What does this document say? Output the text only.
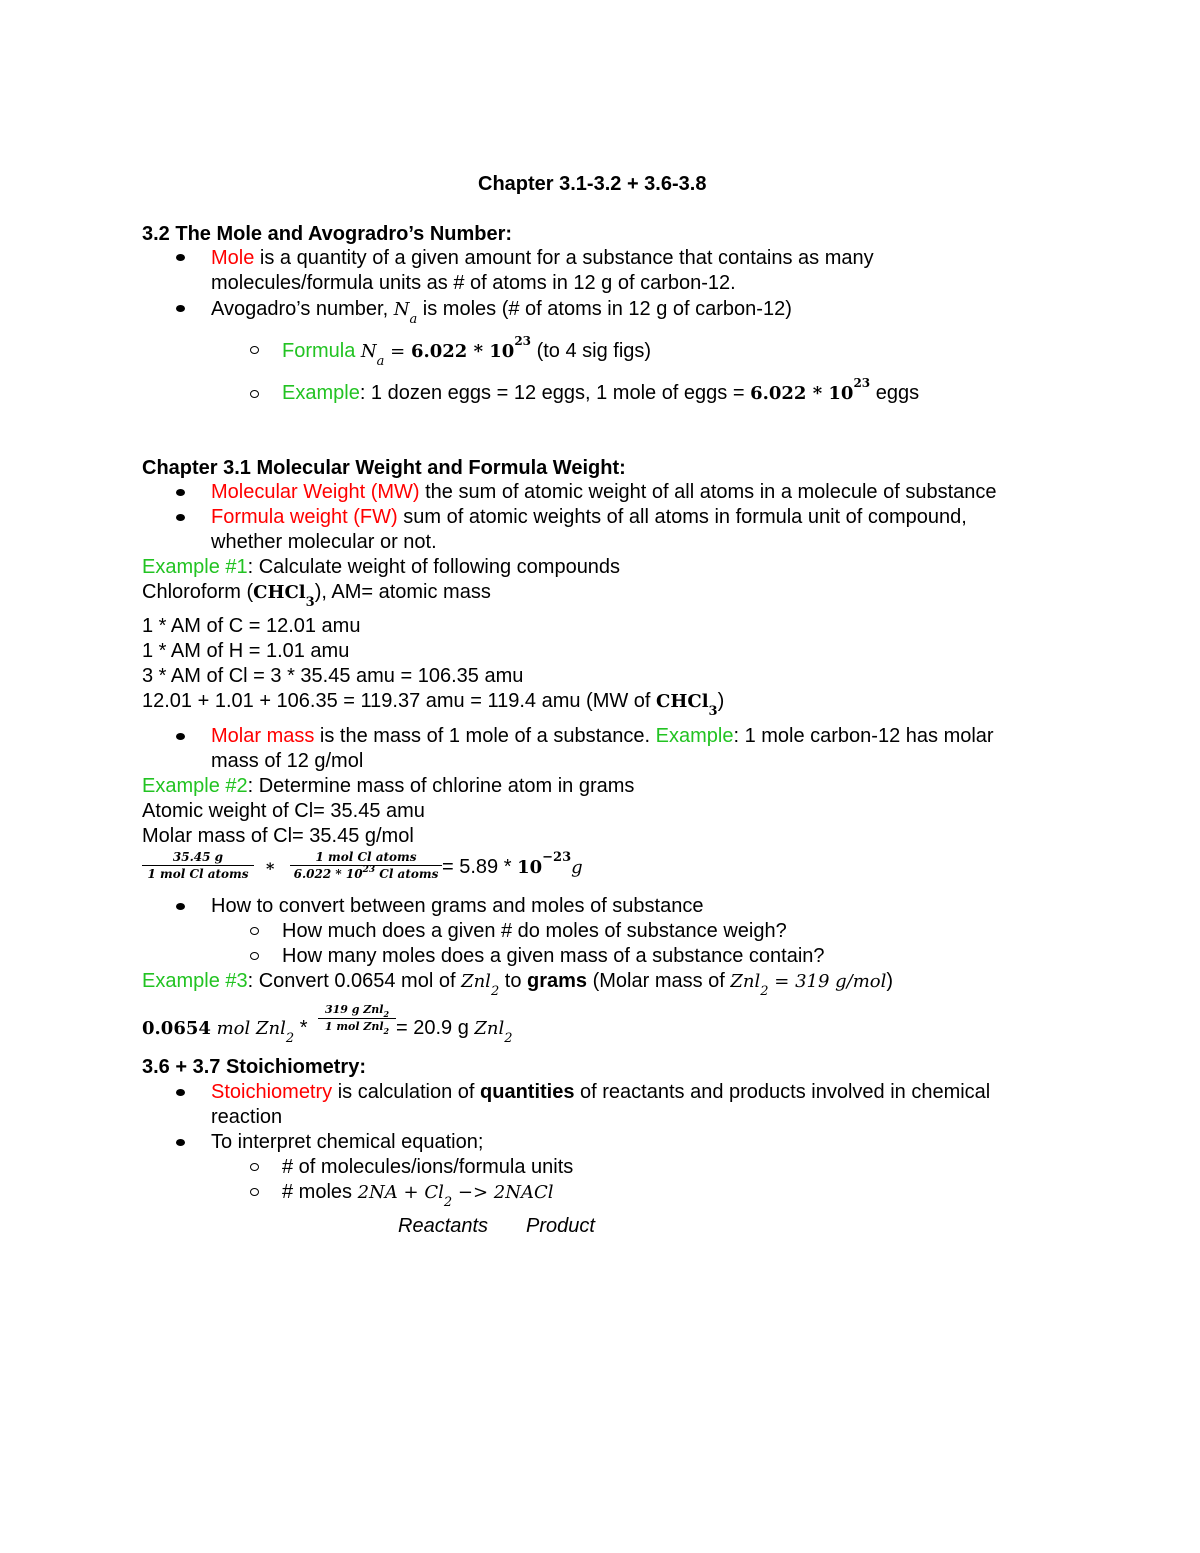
Chapter 3.1-3.2 + 3.6-3.8
3.2 The Mole and Avogradro’s Number:
Mole is a quantity of a given amount for a substance that contains as many
molecules/formula units as # of atoms in 12 g of carbon-12.
Avogadro’s number, $N_a$ is moles (# of atoms in 12 g of carbon-12)
Formula $N_a = 6.022 * 10^{23}$ (to 4 sig figs)
Example: 1 dozen eggs = 12 eggs, 1 mole of eggs = $6.022 * 10^{23}$ eggs
Chapter 3.1 Molecular Weight and Formula Weight:
Molecular Weight (MW) the sum of atomic weight of all atoms in a molecule of substance
Formula weight (FW) sum of atomic weights of all atoms in formula unit of compound,
whether molecular or not.
Example #1: Calculate weight of following compounds
Chloroform (CHCl$_3$), AM= atomic mass
1 * AM of C = 12.01 amu
1 * AM of H = 1.01 amu
3 * AM of Cl = 3 * 35.45 amu = 106.35 amu
12.01 + 1.01 + 106.35 = 119.37 amu = 119.4 amu (MW of CHCl$_3$)
Molar mass is the mass of 1 mole of a substance. Example: 1 mole carbon-12 has molar
mass of 12 g/mol
Example #2: Determine mass of chlorine atom in grams
Atomic weight of Cl= 35.45 amu
Molar mass of Cl= 35.45 g/mol
35.45 g
1 mol Cl atoms	*
1 mol Cl atoms
$6.022 * 10^{23}$ Cl atoms = $5.89 * 10^{-23}g$
How to convert between grams and moles of substance
How much does a given # do moles of substance weigh?
How many moles does a given mass of a substance contain?
Example #3: Convert 0.0654 mol of Znl$_2$ to grams (Molar mass of Znl$_2$ = 319 g/mol)
0.0654 mol Znl$_2$ *
319 g Znl$_2$
1 mol Znl$_2$ = 20.9 g Znl$_2$
3.6 + 3.7 Stoichiometry:
Stoichiometry is calculation of quantities of reactants and products involved in chemical
reaction
To interpret chemical equation;
# of molecules/ions/formula units
# moles $2NA + Cl_2$ −> 2NACl
Reactants Product
